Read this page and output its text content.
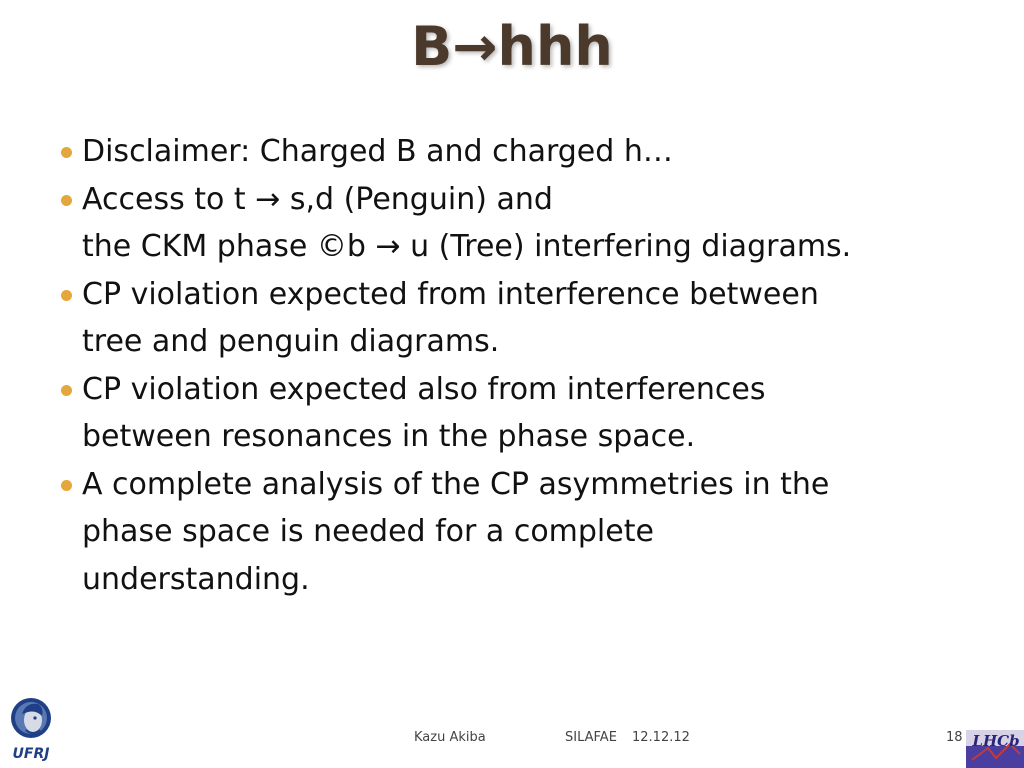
B→hhh
Disclaimer: Charged B and charged h…
Access to t → s,d (Penguin) and
the CKM phase ©b → u (Tree) interfering diagrams.
CP violation expected from interference between
tree and penguin diagrams.
CP violation expected also from interferences
between resonances in the phase space.
A complete analysis of the CP asymmetries in the
phase space is needed for a complete
understanding.
UFRJ
Kazu Akiba	SILAFAE 12.12.12	18 LHCb
